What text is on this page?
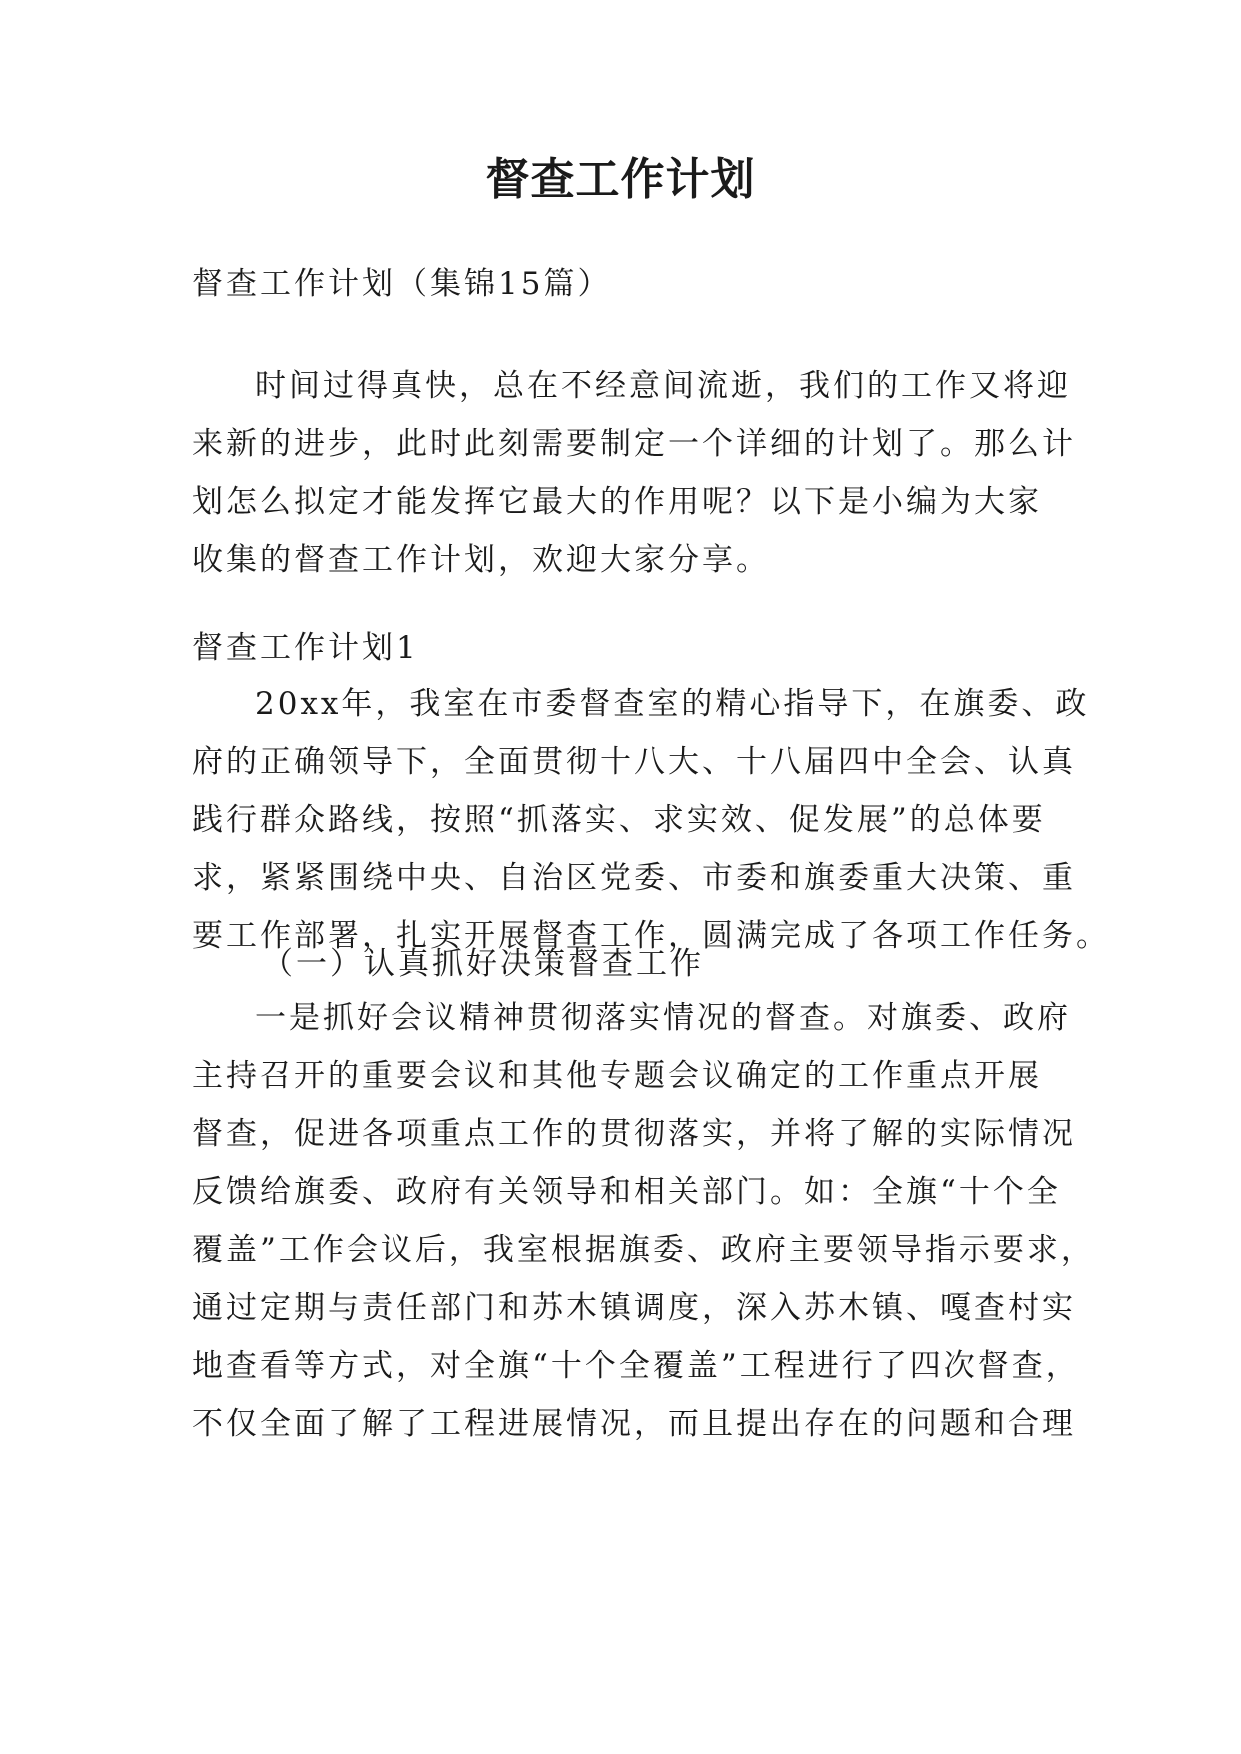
督查工作计划

督查工作计划（集锦15篇）

时间过得真快，总在不经意间流逝，我们的工作又将迎
来新的进步，此时此刻需要制定一个详细的计划了。那么计
划怎么拟定才能发挥它最大的作用呢？以下是小编为大家
收集的督查工作计划，欢迎大家分享。

督查工作计划1

20xx年，我室在市委督查室的精心指导下，在旗委、政
府的正确领导下，全面贯彻十八大、十八届四中全会、认真
践行群众路线，按照“抓落实、求实效、促发展”的总体要
求，紧紧围绕中央、自治区党委、市委和旗委重大决策、重
要工作部署，扎实开展督查工作，圆满完成了各项工作任务。

（一）认真抓好决策督查工作

一是抓好会议精神贯彻落实情况的督查。对旗委、政府
主持召开的重要会议和其他专题会议确定的工作重点开展
督查，促进各项重点工作的贯彻落实，并将了解的实际情况
反馈给旗委、政府有关领导和相关部门。如：全旗“十个全
覆盖”工作会议后，我室根据旗委、政府主要领导指示要求，
通过定期与责任部门和苏木镇调度，深入苏木镇、嘎查村实
地查看等方式，对全旗“十个全覆盖”工程进行了四次督查，
不仅全面了解了工程进展情况，而且提出存在的问题和合理
